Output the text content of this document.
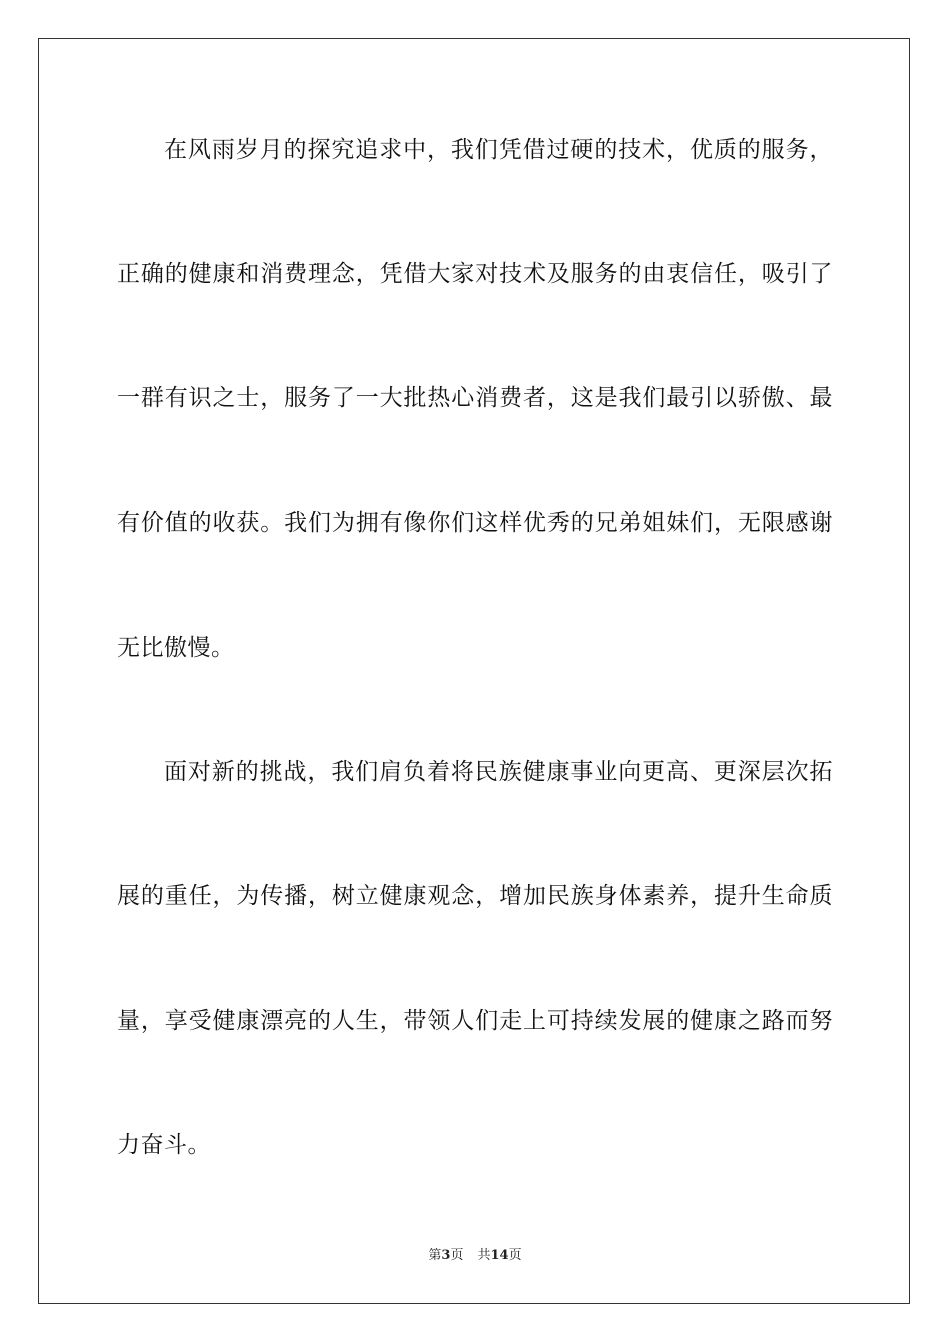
在风雨岁月的探究追求中，我们凭借过硬的技术，优质的服务，
正确的健康和消费理念，凭借大家对技术及服务的由衷信任，吸引了
一群有识之士，服务了一大批热心消费者，这是我们最引以骄傲、最
有价值的收获。我们为拥有像你们这样优秀的兄弟姐妹们，无限感谢
无比傲慢。
面对新的挑战，我们肩负着将民族健康事业向更高、更深层次拓
展的重任，为传播，树立健康观念，增加民族身体素养，提升生命质
量，享受健康漂亮的人生，带领人们走上可持续发展的健康之路而努
力奋斗。
第3页 共14页
